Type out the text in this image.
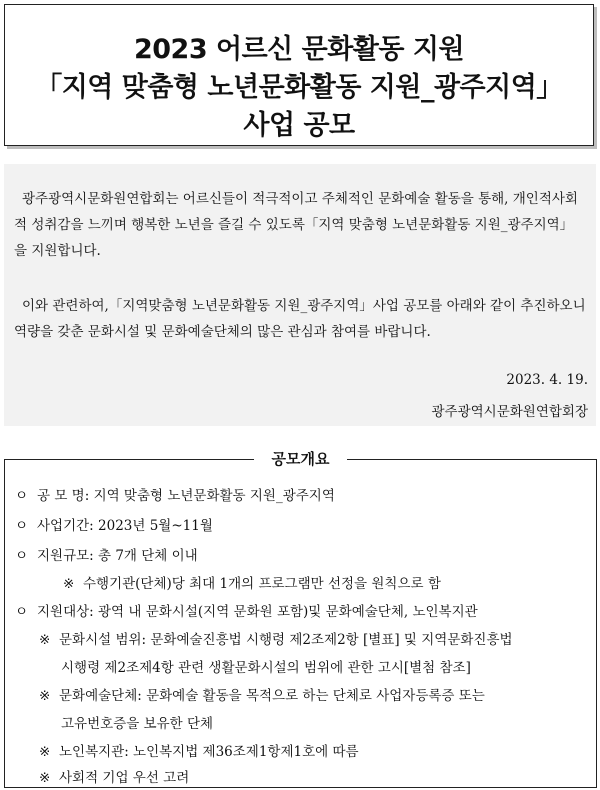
2023 어르신 문화활동 지원
「지역 맞춤형 노년문화활동 지원_광주지역」
사업 공모

광주광역시문화원연합회는 어르신들이 적극적이고 주체적인 문화예술 활동을 통해, 개인적사회적 성취감을 느끼며 행복한 노년을 즐길 수 있도록「지역 맞춤형 노년문화활동 지원_광주지역」을 지원합니다.

이와 관련하여,「지역맞춤형 노년문화활동 지원_광주지역」사업 공모를 아래와 같이 추진하오니 역량을 갖춘 문화시설 및 문화예술단체의 많은 관심과 참여를 바랍니다.

2023. 4. 19.
광주광역시문화원연합회장
공모개요
ㅇ 공 모 명: 지역 맞춤형 노년문화활동 지원_광주지역
ㅇ 사업기간: 2023년 5월~11월
ㅇ 지원규모: 총 7개 단체 이내
※ 수행기관(단체)당 최대 1개의 프로그램만 선정을 원칙으로 함
ㅇ 지원대상: 광역 내 문화시설(지역 문화원 포함)및 문화예술단체, 노인복지관
※ 문화시설 범위: 문화예술진흥법 시행령 제2조제2항 [별표] 및 지역문화진흥법
시행령 제2조제4항 관련 생활문화시설의 범위에 관한 고시[별첨 참조]
※ 문화예술단체: 문화예술 활동을 목적으로 하는 단체로 사업자등록증 또는
고유번호증을 보유한 단체
※ 노인복지관: 노인복지법 제36조제1항제1호에 따름
※ 사회적 기업 우선 고려
